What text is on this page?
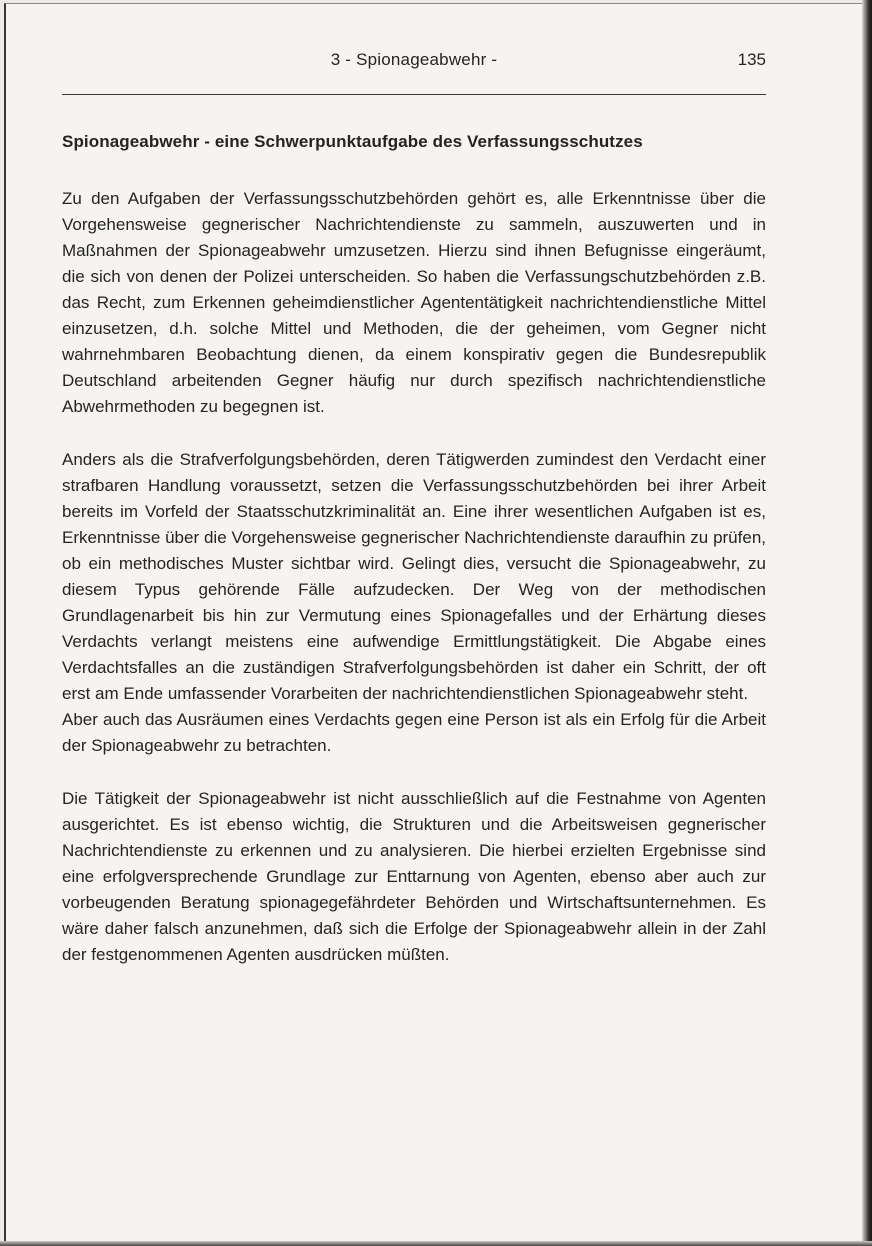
3 - Spionageabwehr -	135
Spionageabwehr - eine Schwerpunktaufgabe des Verfassungsschutzes

Zu den Aufgaben der Verfassungsschutzbehörden gehört es, alle Erkenntnisse über die Vorgehensweise gegnerischer Nachrichtendienste zu sammeln, auszuwerten und in Maßnahmen der Spionageabwehr umzusetzen. Hierzu sind ihnen Befugnisse eingeräumt, die sich von denen der Polizei unterscheiden. So haben die Verfassungschutzbehörden z.B. das Recht, zum Erkennen geheimdienstlicher Agententätigkeit nachrichtendienstliche Mittel einzusetzen, d.h. solche Mittel und Methoden, die der geheimen, vom Gegner nicht wahrnehmbaren Beobachtung dienen, da einem konspirativ gegen die Bundesrepublik Deutschland arbeitenden Gegner häufig nur durch spezifisch nachrichtendienstliche Abwehrmethoden zu begegnen ist.

Anders als die Strafverfolgungsbehörden, deren Tätigwerden zumindest den Verdacht einer strafbaren Handlung voraussetzt, setzen die Verfassungsschutzbehörden bei ihrer Arbeit bereits im Vorfeld der Staatsschutzkriminalität an. Eine ihrer wesentlichen Aufgaben ist es, Erkenntnisse über die Vorgehensweise gegnerischer Nachrichtendienste daraufhin zu prüfen, ob ein methodisches Muster sichtbar wird. Gelingt dies, versucht die Spionageabwehr, zu diesem Typus gehörende Fälle aufzudecken. Der Weg von der methodischen Grundlagenarbeit bis hin zur Vermutung eines Spionagefalles und der Erhärtung dieses Verdachts verlangt meistens eine aufwendige Ermittlungstätigkeit. Die Abgabe eines Verdachtsfalles an die zuständigen Strafverfolgungsbehörden ist daher ein Schritt, der oft erst am Ende umfassender Vorarbeiten der nachrichtendienstlichen Spionageabwehr steht.

Aber auch das Ausräumen eines Verdachts gegen eine Person ist als ein Erfolg für die Arbeit der Spionageabwehr zu betrachten.

Die Tätigkeit der Spionageabwehr ist nicht ausschließlich auf die Festnahme von Agenten ausgerichtet. Es ist ebenso wichtig, die Strukturen und die Arbeitsweisen gegnerischer Nachrichtendienste zu erkennen und zu analysieren. Die hierbei erzielten Ergebnisse sind eine erfolgversprechende Grundlage zur Enttarnung von Agenten, ebenso aber auch zur vorbeugenden Beratung spionagegefährdeter Behörden und Wirtschaftsunternehmen. Es wäre daher falsch anzunehmen, daß sich die Erfolge der Spionageabwehr allein in der Zahl der festgenommenen Agenten ausdrücken müßten.
